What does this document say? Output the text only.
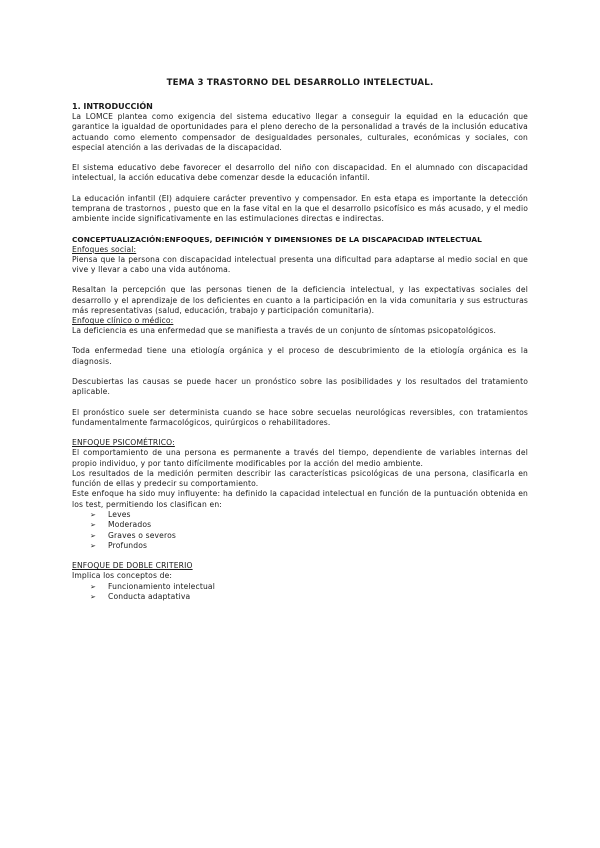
TEMA 3 TRASTORNO DEL DESARROLLO INTELECTUAL.
1. INTRODUCCIÓN

La LOMCE plantea como exigencia del sistema educativo llegar a conseguir la equidad en la educación que garantice la igualdad de oportunidades para el pleno derecho de la personalidad a través de la inclusión educativa actuando como elemento compensador de desigualdades personales, culturales, económicas y sociales, con especial atención a las derivadas de la discapacidad.

El sistema educativo debe favorecer el desarrollo del niño con discapacidad. En el alumnado con discapacidad intelectual, la acción educativa debe comenzar desde la educación infantil.

La educación infantil (EI) adquiere carácter preventivo y compensador. En esta etapa es importante la detección temprana de trastornos , puesto que en la fase vital en la que el desarrollo psicofísico es más acusado, y el medio ambiente incide significativamente en las estimulaciones directas e indirectas.

CONCEPTUALIZACIÓN:ENFOQUES, DEFINICIÓN Y DIMENSIONES DE LA DISCAPACIDAD INTELECTUAL
Enfoques social:

Piensa que la persona con discapacidad intelectual presenta una dificultad para adaptarse al medio social en que vive y llevar a cabo una vida autónoma.

Resaltan la percepción que las personas tienen de la deficiencia intelectual, y las expectativas sociales del desarrollo y el aprendizaje de los deficientes en cuanto a la participación en la vida comunitaria y sus estructuras más representativas (salud, educación, trabajo y participación comunitaria).

Enfoque clínico o médico:

La deficiencia es una enfermedad que se manifiesta a través de un conjunto de síntomas psicopatológicos.

Toda enfermedad tiene una etiología orgánica y el proceso de descubrimiento de la etiología orgánica es la diagnosis.

Descubiertas las causas se puede hacer un pronóstico sobre las posibilidades y los resultados del tratamiento aplicable.

El pronóstico suele ser determinista cuando se hace sobre secuelas neurológicas reversibles, con tratamientos fundamentalmente farmacológicos, quirúrgicos o rehabilitadores.

ENFOQUE PSICOMÉTRICO:

El comportamiento de una persona es permanente a través del tiempo, dependiente de variables internas del propio individuo, y por tanto difícilmente modificables por la acción del medio ambiente.

Los resultados de la medición permiten describir las características psicológicas de una persona, clasificarla en función de ellas y predecir su comportamiento.

Este enfoque ha sido muy influyente: ha definido la capacidad intelectual en función de la puntuación obtenida en los test, permitiendo los clasifican en:

➢	Leves
➢	Moderados
➢	Graves o severos
➢	Profundos
ENFOQUE DE DOBLE CRITERIO

Implica los conceptos de:

➢	Funcionamiento intelectual
➢	Conducta adaptativa
